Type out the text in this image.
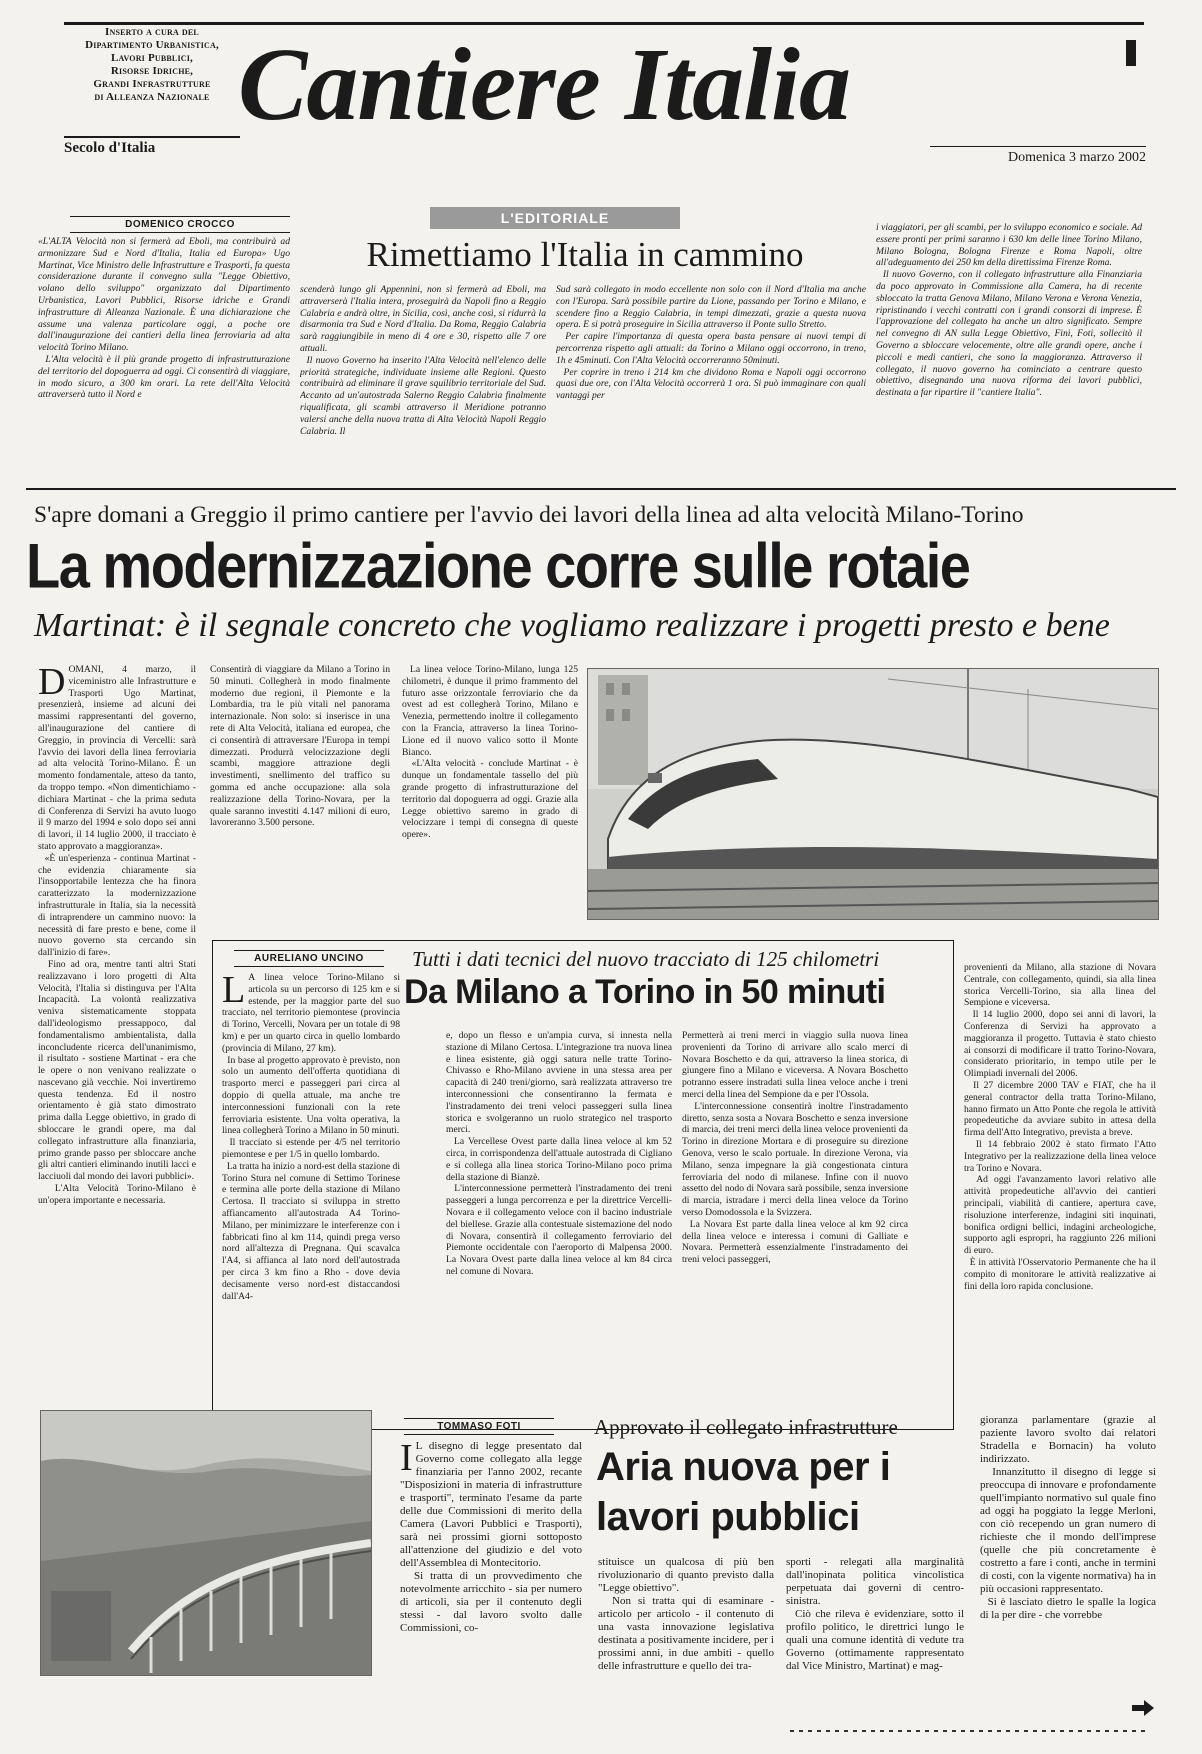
Inserto a cura del
Dipartimento Urbanistica,
Lavori Pubblici,
Risorse Idriche,
Grandi Infrastrutture
di Alleanza Nazionale
Secolo d'Italia
Cantiere Italia
Domenica 3 marzo 2002
DOMENICO CROCCO	L'EDITORIALE
Rimettiamo l'Italia in cammino
«L'ALTA Velocità non si fermerà ad Eboli, ma contribuirà ad armonizzare Sud e Nord d'Italia, Italia ed Europa» Ugo Martinat, Vice Ministro delle Infrastrutture e Trasporti, fa questa considerazione durante il convegno sulla "Legge Obiettivo, volano dello sviluppo" organizzato dal Dipartimento Urbanistica, Lavori Pubblici, Risorse idriche e Grandi infrastrutture di Alleanza Nazionale. È una dichiarazione che assume una valenza particolare oggi, a poche ore dall'inaugurazione dei cantieri della linea ferroviaria ad alta velocità Torino Milano.
L'Alta velocità è il più grande progetto di infrastrutturazione del territorio del dopoguerra ad oggi. Ci consentirà di viaggiare, in modo sicuro, a 300 km orari. La rete dell'Alta Velocità attraverserà tutto il Nord e
scenderà lungo gli Appennini, non si fermerà ad Eboli, ma attraverserà l'Italia intera, proseguirà da Napoli fino a Reggio Calabria e andrà oltre, in Sicilia, così, anche così, si ridurrà la disarmonia tra Sud e Nord d'Italia. Da Roma, Reggio Calabria sarà raggiungibile in meno di 4 ore e 30, rispetto alle 7 ore attuali.
Il nuovo Governo ha inserito l'Alta Velocità nell'elenco delle priorità strategiche, individuate insieme alle Regioni. Questo contribuirà ad eliminare il grave squilibrio territoriale del Sud. Accanto ad un'autostrada Salerno Reggio Calabria finalmente riqualificata, gli scambi attraverso il Meridione potranno valersi anche della nuova tratta di Alta Velocità Napoli Reggio Calabria. Il
Sud sarà collegato in modo eccellente non solo con il Nord d'Italia ma anche con l'Europa. Sarà possibile partire da Lione, passando per Torino e Milano, e scendere fino a Reggio Calabria, in tempi dimezzati, grazie a questa nuova opera. E si potrà proseguire in Sicilia attraverso il Ponte sullo Stretto.
Per capire l'importanza di questa opera basta pensare ai nuovi tempi di percorrenza rispetto agli attuali: da Torino a Milano oggi occorrono, in treno, 1h e 45minuti. Con l'Alta Velocità occorreranno 50minuti.
Per coprire in treno i 214 km che dividono Roma e Napoli oggi occorrono quasi due ore, con l'Alta Velocità occorrerà 1 ora. Si può immaginare con quali vantaggi per
i viaggiatori, per gli scambi, per lo sviluppo economico e sociale. Ad essere pronti per primi saranno i 630 km delle linee Torino Milano, Milano Bologna, Bologna Firenze e Roma Napoli, oltre all'adeguamento dei 250 km della direttissima Firenze Roma.
Il nuovo Governo, con il collegato infrastrutture alla Finanziaria da poco approvato in Commissione alla Camera, ha di recente sbloccato la tratta Genova Milano, Milano Verona e Verona Venezia, ripristinando i vecchi contratti con i grandi consorzi di imprese. È l'approvazione del collegato ha anche un altro significato. Sempre nel convegno di AN sulla Legge Obiettivo, Fini, Foti, sollecitò il Governo a sbloccare velocemente, oltre alle grandi opere, anche i piccoli e medi cantieri, che sono la maggioranza. Attraverso il collegato, il nuovo governo ha cominciato a centrare questo obiettivo, disegnando una nuova riforma dei lavori pubblici, destinata a far ripartire il "cantiere Italia".
S'apre domani a Greggio il primo cantiere per l'avvio dei lavori della linea ad alta velocità Milano-Torino
La modernizzazione corre sulle rotaie
Martinat: è il segnale concreto che vogliamo realizzare i progetti presto e bene
D OMANI, 4 marzo, il viceministro alle Infrastrutture e Trasporti Ugo Martinat, presenzierà, insieme ad alcuni dei massimi rappresentanti del governo, all'inaugurazione del cantiere di Greggio, in provincia di Vercelli: sarà l'avvio dei lavori della linea ferroviaria ad alta velocità Torino-Milano. È un momento fondamentale, atteso da tanto, da troppo tempo. «Non dimentichiamo - dichiara Martinat - che la prima seduta di Conferenza di Servizi ha avuto luogo il 9 marzo del 1994 e solo dopo sei anni di lavori, il 14 luglio 2000, il tracciato è stato approvato a maggioranza».
«È un'esperienza - continua Martinat - che evidenzia chiaramente sia l'insopportabile lentezza che ha finora caratterizzato la modernizzazione infrastrutturale in Italia, sia la necessità di intraprendere un cammino nuovo: la necessità di fare presto e bene, come il nuovo governo sta cercando sin dall'inizio di fare».
Fino ad ora, mentre tanti altri Stati realizzavano i loro progetti di Alta Velocità, l'Italia si distinguva per l'Alta Incapacità. La volontà realizzativa veniva sistematicamente stoppata dall'ideologismo pressappoco, dal fondamentalismo ambientalista, dalla inconcludente ricerca dell'unanimismo, il risultato - sostiene Martinat - era che le opere o non venivano realizzate o nascevano già vecchie. Noi invertiremo questa tendenza. Ed il nostro orientamento è già stato dimostrato prima dalla Legge obiettivo, in grado di sbloccare le grandi opere, ma dal collegato infrastrutture alla finanziaria, primo grande passo per sbloccare anche gli altri cantieri eliminando inutili lacci e lacciuoli dal mondo dei lavori pubblici».
L'Alta Velocità Torino-Milano è un'opera importante e necessaria.
Consentirà di viaggiare da Milano a Torino in 50 minuti. Collegherà in modo finalmente moderno due regioni, il Piemonte e la Lombardia, tra le più vitali nel panorama internazionale. Non solo: si inserisce in una rete di Alta Velocità, italiana ed europea, che ci consentirà di attraversare l'Europa in tempi dimezzati. Produrrà velocizzazione degli scambi, maggiore attrazione degli investimenti, snellimento del traffico su gomma ed anche occupazione: alla sola realizzazione della Torino-Novara, per la quale saranno investiti 4.147 milioni di euro, lavoreranno 3.500 persone.
La linea veloce Torino-Milano, lunga 125 chilometri, è dunque il primo frammento del futuro asse orizzontale ferroviario che da ovest ad est collegherà Torino, Milano e Venezia, permettendo inoltre il collegamento con la Francia, attraverso la linea Torino-Lione ed il nuovo valico sotto il Monte Bianco.
«L'Alta velocità - conclude Martinat - è dunque un fondamentale tassello del più grande progetto di infrastrutturazione del territorio dal dopoguerra ad oggi. Grazie alla Legge obiettivo saremo in grado di velocizzare i tempi di consegna di queste opere».
AURELIANO UNCINO	Tutti i dati tecnici del nuovo tracciato di 125 chilometri
Da Milano a Torino in 50 minuti
L A linea veloce Torino-Milano si articola su un percorso di 125 km e si estende, per la maggior parte del suo tracciato, nel territorio piemontese (provincia di Torino, Vercelli, Novara per un totale di 98 km) e per un quarto circa in quello lombardo (provincia di Milano, 27 km).
In base al progetto approvato è previsto, non solo un aumento dell'offerta quotidiana di trasporto merci e passeggeri pari circa al doppio di quella attuale, ma anche tre interconnessioni funzionali con la rete ferroviaria esistente. Una volta operativa, la linea collegherà Torino a Milano in 50 minuti.
Il tracciato si estende per 4/5 nel territorio piemontese e per 1/5 in quello lombardo.
La tratta ha inizio a nord-est della stazione di Torino Stura nel comune di Settimo Torinese e termina alle porte della stazione di Milano Certosa. Il tracciato si sviluppa in stretto affiancamento all'autostrada A4 Torino-Milano, per minimizzare le interferenze con i fabbricati fino al km 114, quindi prega verso nord all'altezza di Pregnana. Qui scavalca l'A4, si affianca al lato nord dell'autostrada per circa 3 km fino a Rho - dove devia decisamente verso nord-est distaccandosi dall'A4-
e, dopo un flesso e un'ampia curva, si innesta nella stazione di Milano Certosa. L'integrazione tra nuova linea e linea esistente, già oggi satura nelle tratte Torino-Chivasso e Rho-Milano avviene in una stessa area per capacità di 240 treni/giorno, sarà realizzata attraverso tre interconnessioni che consentiranno la fermata e l'instradamento dei treni veloci passeggeri sulla linea storica e svolgeranno un ruolo strategico nel trasporto merci.
La Vercellese Ovest parte dalla linea veloce al km 52 circa, in corrispondenza dell'attuale autostrada di Cigliano e si collega alla linea storica Torino-Milano poco prima della stazione di Bianzè.
L'interconnessione permetterà l'instradamento dei treni passeggeri a lunga percorrenza e per la direttrice Vercelli-Novara e il collegamento veloce con il bacino industriale del biellese. Grazie alla contestuale sistemazione del nodo di Novara, consentirà il collegamento ferroviario del Piemonte occidentale con l'aeroporto di Malpensa 2000. La Novara Ovest parte dalla linea veloce al km 84 circa nel comune di Novara.
Permetterà ai treni merci in viaggio sulla nuova linea provenienti da Torino di arrivare allo scalo merci di Novara Boschetto e da qui, attraverso la linea storica, di giungere fino a Milano e viceversa. A Novara Boschetto potranno essere instradati sulla linea veloce anche i treni merci della linea del Sempione da e per l'Ossola.
L'interconnessione consentirà inoltre l'instradamento diretto, senza sosta a Novara Boschetto e senza inversione di marcia, dei treni merci della linea veloce provenienti da Torino in direzione Mortara e di proseguire su direzione Genova, verso le scalo portuale. In direzione Verona, via Milano, senza impegnare la già congestionata cintura ferroviaria del nodo di milanese. Infine con il nuovo assetto del nodo di Novara sarà possibile, senza inversione di marcia, istradare i merci della linea veloce da Torino verso Domodossola e la Svizzera.
La Novara Est parte dalla linea veloce al km 92 circa della linea veloce e interessa i comuni di Galliate e Novara. Permetterà essenzialmente l'instradamento dei treni veloci passeggeri,
provenienti da Milano, alla stazione di Novara Centrale, con collegamento, quindi, sia alla linea storica Vercelli-Torino, sia alla linea del Sempione e viceversa.
Il 14 luglio 2000, dopo sei anni di lavori, la Conferenza di Servizi ha approvato a maggioranza il progetto. Tuttavia è stato chiesto ai consorzi di modificare il tratto Torino-Novara, considerato prioritario, in tempo utile per le Olimpiadi invernali del 2006.
Il 27 dicembre 2000 TAV e FIAT, che ha il general contractor della tratta Torino-Milano, hanno firmato un Atto Ponte che regola le attività propedeutiche da avviare subito in attesa della firma dell'Atto Integrativo, prevista a breve.
Il 14 febbraio 2002 è stato firmato l'Atto Integrativo per la realizzazione della linea veloce tra Torino e Novara.
Ad oggi l'avanzamento lavori relativo alle attività propedeutiche all'avvio dei cantieri principali, viabilità di cantiere, apertura cave, risoluzione interferenze, indagini siti inquinati, bonifica ordigni bellici, indagini archeologiche, supporto agli espropri, ha raggiunto 226 milioni di euro.
È in attività l'Osservatorio Permanente che ha il compito di monitorare le attività realizzative ai fini della loro rapida conclusione.
TOMMASO FOTI	Approvato il collegato infrastrutture
Aria nuova per i lavori pubblici
I L disegno di legge presentato dal Governo come collegato alla legge finanziaria per l'anno 2002, recante "Disposizioni in materia di infrastrutture e trasporti", terminato l'esame da parte delle due Commissioni di merito della Camera (Lavori Pubblici e Trasporti), sarà nei prossimi giorni sottoposto all'attenzione del giudizio e del voto dell'Assemblea di Montecitorio.
Si tratta di un provvedimento che notevolmente arricchito - sia per numero di articoli, sia per il contenuto degli stessi - dal lavoro svolto dalle Commissioni, co-
stituisce un qualcosa di più ben rivoluzionario di quanto previsto dalla "Legge obiettivo".
Non si tratta qui di esaminare - articolo per articolo - il contenuto di una vasta innovazione legislativa destinata a positivamente incidere, per i prossimi anni, in due ambiti - quello delle infrastrutture e quello dei tra-
sporti - relegati alla marginalità dall'inopinata politica vincolistica perpetuata dai governi di centro-sinistra.
Ciò che rileva è evidenziare, sotto il profilo politico, le direttrici lungo le quali una comune identità di vedute tra Governo (ottimamente rappresentato dal Vice Ministro, Martinat) e mag-
gioranza parlamentare (grazie al paziente lavoro svolto dai relatori Stradella e Bornacin) ha voluto indirizzato.
Innanzitutto il disegno di legge si preoccupa di innovare e profondamente quell'impianto normativo sul quale fino ad oggi ha poggiato la legge Merloni, con ciò recependo un gran numero di richieste che il mondo dell'imprese (quelle che più concretamente è costretto a fare i conti, anche in termini di costi, con la vigente normativa) ha in più occasioni rappresentato.
Si è lasciato dietro le spalle la logica di la per dire - che vorrebbe
